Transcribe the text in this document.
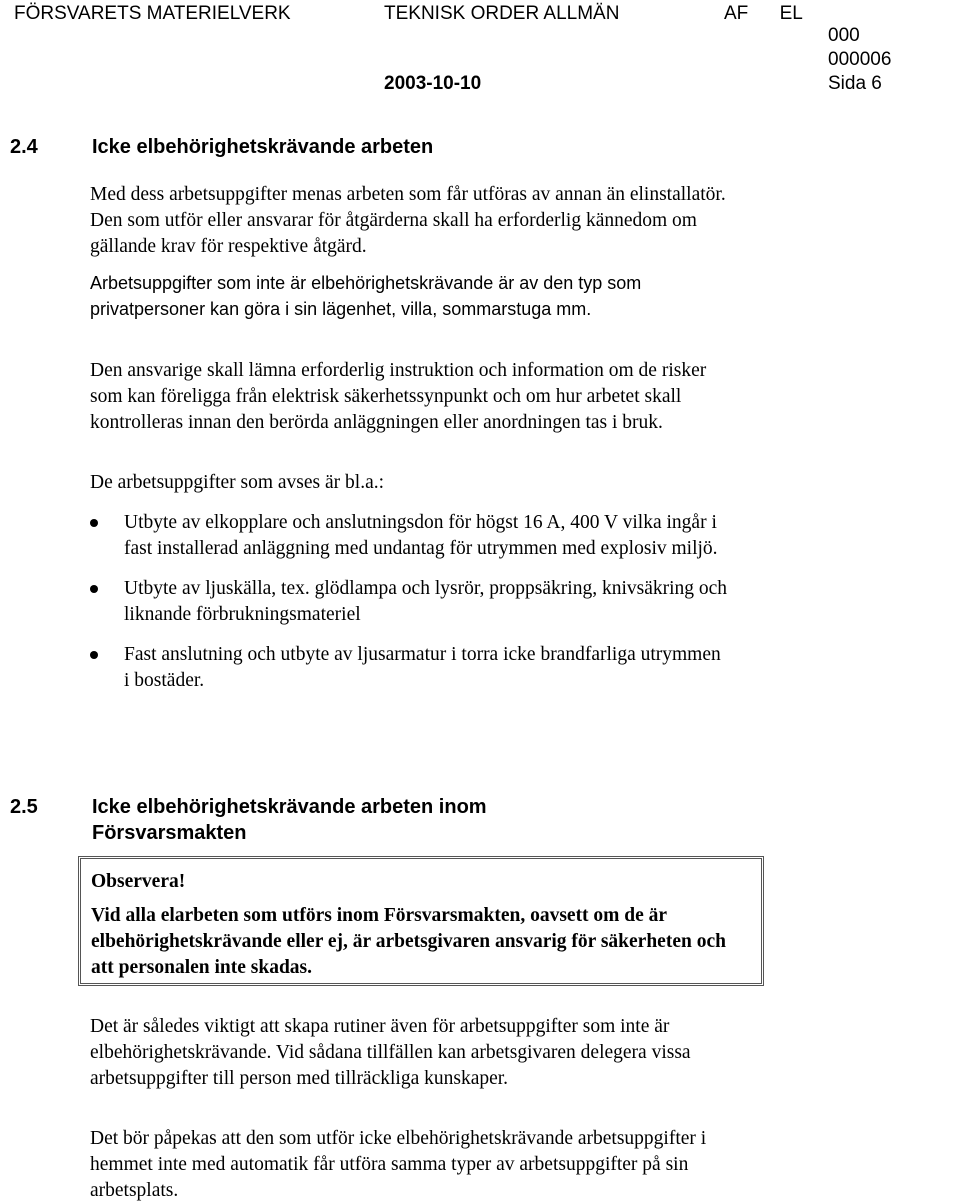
FÖRSVARETS MATERIELVERK	TEKNISK ORDER ALLMÄN	AF EL
000
000006
2003-10-10	Sida 6
2.4	Icke elbehörighetskrävande arbeten

Med dess arbetsuppgifter menas arbeten som får utföras av annan än elinstallatör. Den som utför eller ansvarar för åtgärderna skall ha erforderlig kännedom om gällande krav för respektive åtgärd.

Arbetsuppgifter som inte är elbehörighetskrävande är av den typ som privatpersoner kan göra i sin lägenhet, villa, sommarstuga mm.

Den ansvarige skall lämna erforderlig instruktion och information om de risker som kan föreligga från elektrisk säkerhetssynpunkt och om hur arbetet skall kontrolleras innan den berörda anläggningen eller anordningen tas i bruk.

De arbetsuppgifter som avses är bl.a.:

Utbyte av elkopplare och anslutningsdon för högst 16 A, 400 V vilka ingår i fast installerad anläggning med undantag för utrymmen med explosiv miljö.
Utbyte av ljuskälla, tex. glödlampa och lysrör, proppsäkring, knivsäkring och liknande förbrukningsmateriel
Fast anslutning och utbyte av ljusarmatur i torra icke brandfarliga utrymmen i bostäder.
2.5	Icke elbehörighetskrävande arbeten inom
Försvarsmakten

Observera!

Vid alla elarbeten som utförs inom Försvarsmakten, oavsett om de är elbehörighetskrävande eller ej, är arbetsgivaren ansvarig för säkerheten och att personalen inte skadas.

Det är således viktigt att skapa rutiner även för arbetsuppgifter som inte är elbehörighetskrävande. Vid sådana tillfällen kan arbetsgivaren delegera vissa arbetsuppgifter till person med tillräckliga kunskaper.

Det bör påpekas att den som utför icke elbehörighetskrävande arbetsuppgifter i hemmet inte med automatik får utföra samma typer av arbetsuppgifter på sin arbetsplats.
